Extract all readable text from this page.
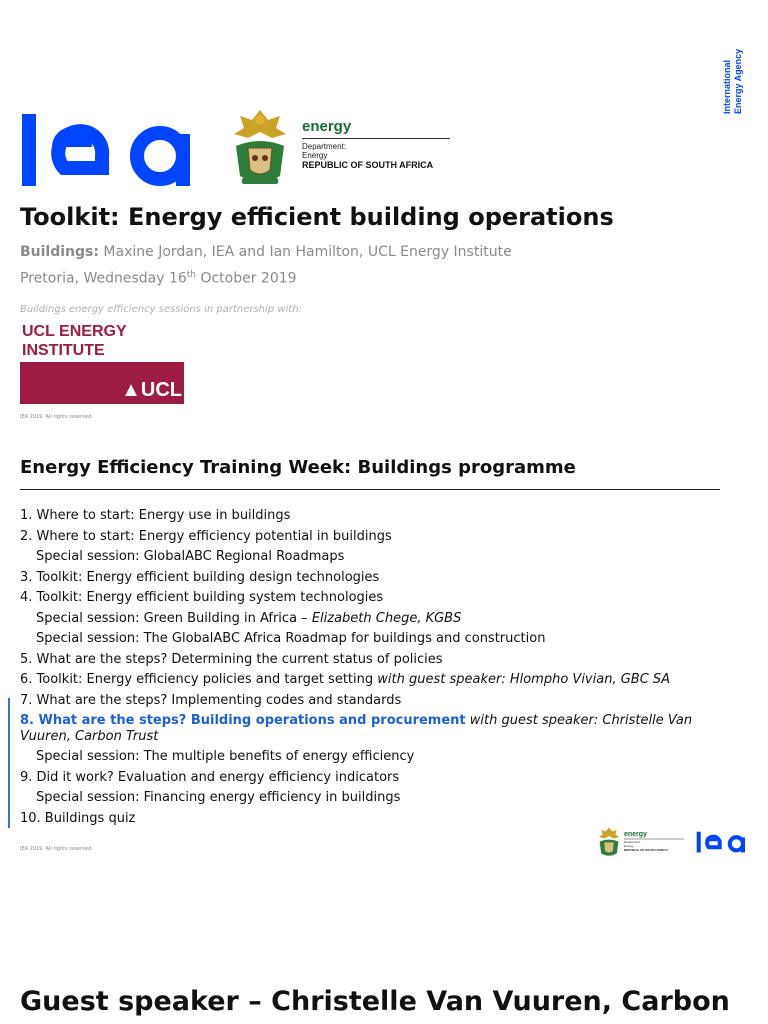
International Energy Agency
energy
Department:
Energy
REPUBLIC OF SOUTH AFRICA
Toolkit: Energy efficient building operations
Buildings: Maxine Jordan, IEA and Ian Hamilton, UCL Energy Institute
Pretoria, Wednesday 16th October 2019
Buildings energy efficiency sessions in partnership with:
UCL ENERGY
INSTITUTE
▲UCL
IEA 2019. All rights reserved.
Energy Efficiency Training Week: Buildings programme
1. Where to start: Energy use in buildings
2. Where to start: Energy efficiency potential in buildings
Special session: GlobalABC Regional Roadmaps
3. Toolkit: Energy efficient building design technologies
4. Toolkit: Energy efficient building system technologies
Special session: Green Building in Africa – Elizabeth Chege, KGBS
Special session: The GlobalABC Africa Roadmap for buildings and construction
5. What are the steps? Determining the current status of policies
6. Toolkit: Energy efficiency policies and target setting with guest speaker: Hlompho Vivian, GBC SA
7. What are the steps? Implementing codes and standards
8. What are the steps? Building operations and procurement with guest speaker: Christelle Van Vuuren, Carbon Trust
Special session: The multiple benefits of energy efficiency
9. Did it work? Evaluation and energy efficiency indicators
Special session: Financing energy efficiency in buildings
10. Buildings quiz
IEA 2019. All rights reserved.
energy
Department:
Energy
REPUBLIC OF SOUTH AFRICA
Guest speaker – Christelle Van Vuuren, Carbon
